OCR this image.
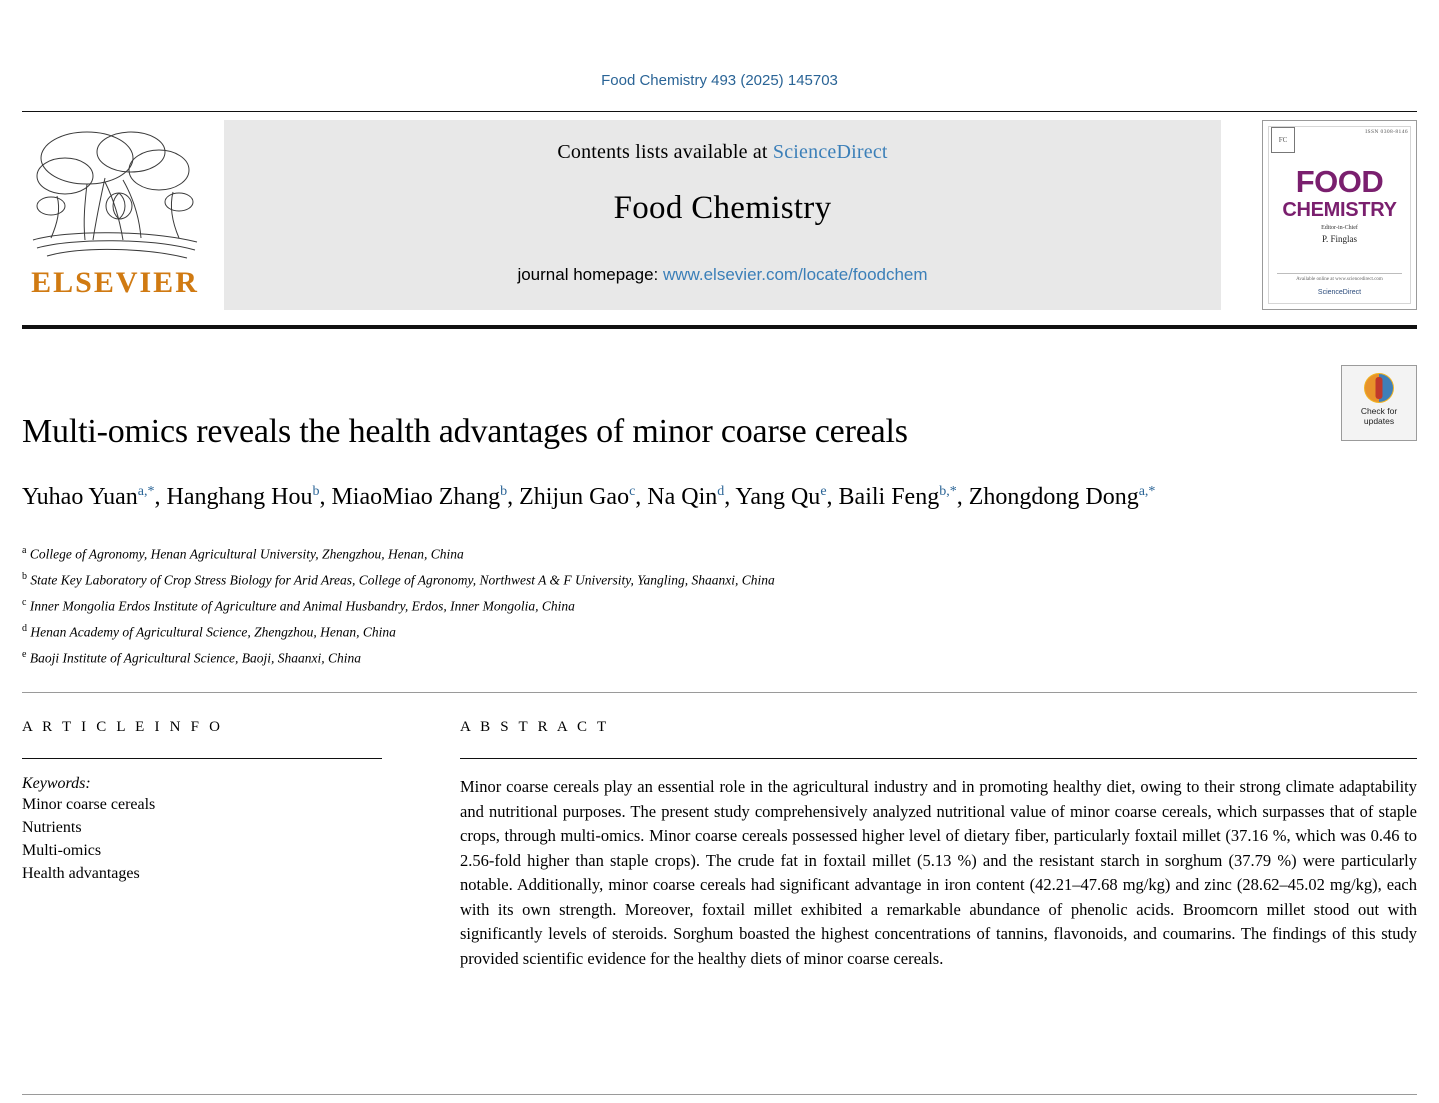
Food Chemistry 493 (2025) 145703
ELSEVIER
Contents lists available at ScienceDirect
Food Chemistry
journal homepage: www.elsevier.com/locate/foodchem
FC
ISSN 0308-8146
FOOD
CHEMISTRY
Editor-in-Chief
P. Finglas
Available online at www.sciencedirect.com
ScienceDirect
Check for
updates
Multi-omics reveals the health advantages of minor coarse cereals
Yuhao Yuan$^{a,*}$, Hanghang Hou$^b$, MiaoMiao Zhang$^b$, Zhijun Gao$^c$, Na Qin$^d$, Yang Qu$^e$, Baili Feng$^{b,*}$, Zhongdong Dong$^{a,*}$
$^a$ College of Agronomy, Henan Agricultural University, Zhengzhou, Henan, China
$^b$ State Key Laboratory of Crop Stress Biology for Arid Areas, College of Agronomy, Northwest A & F University, Yangling, Shaanxi, China
$^c$ Inner Mongolia Erdos Institute of Agriculture and Animal Husbandry, Erdos, Inner Mongolia, China
$^d$ Henan Academy of Agricultural Science, Zhengzhou, Henan, China
$^e$ Baoji Institute of Agricultural Science, Baoji, Shaanxi, China
A R T I C L E I N F O
Keywords:
Minor coarse cereals
Nutrients
Multi-omics
Health advantages
A B S T R A C T
Minor coarse cereals play an essential role in the agricultural industry and in promoting healthy diet, owing to their strong climate adaptability and nutritional purposes. The present study comprehensively analyzed nutritional value of minor coarse cereals, which surpasses that of staple crops, through multi-omics. Minor coarse cereals possessed higher level of dietary fiber, particularly foxtail millet (37.16 %, which was 0.46 to 2.56-fold higher than staple crops). The crude fat in foxtail millet (5.13 %) and the resistant starch in sorghum (37.79 %) were particularly notable. Additionally, minor coarse cereals had significant advantage in iron content (42.21–47.68 mg/kg) and zinc (28.62–45.02 mg/kg), each with its own strength. Moreover, foxtail millet exhibited a remarkable abundance of phenolic acids. Broomcorn millet stood out with significantly levels of steroids. Sorghum boasted the highest concentrations of tannins, flavonoids, and coumarins. The findings of this study provided scientific evidence for the healthy diets of minor coarse cereals.
